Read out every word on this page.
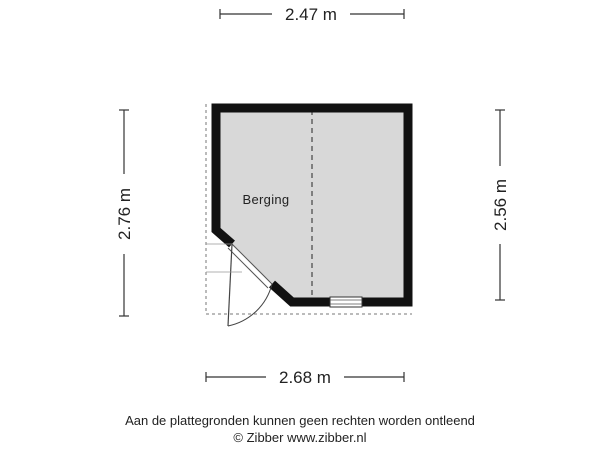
2.47 m
2.68 m
2.76 m	2.56 m
Berging
Aan de plattegronden kunnen geen rechten worden ontleend
© Zibber www.zibber.nl
